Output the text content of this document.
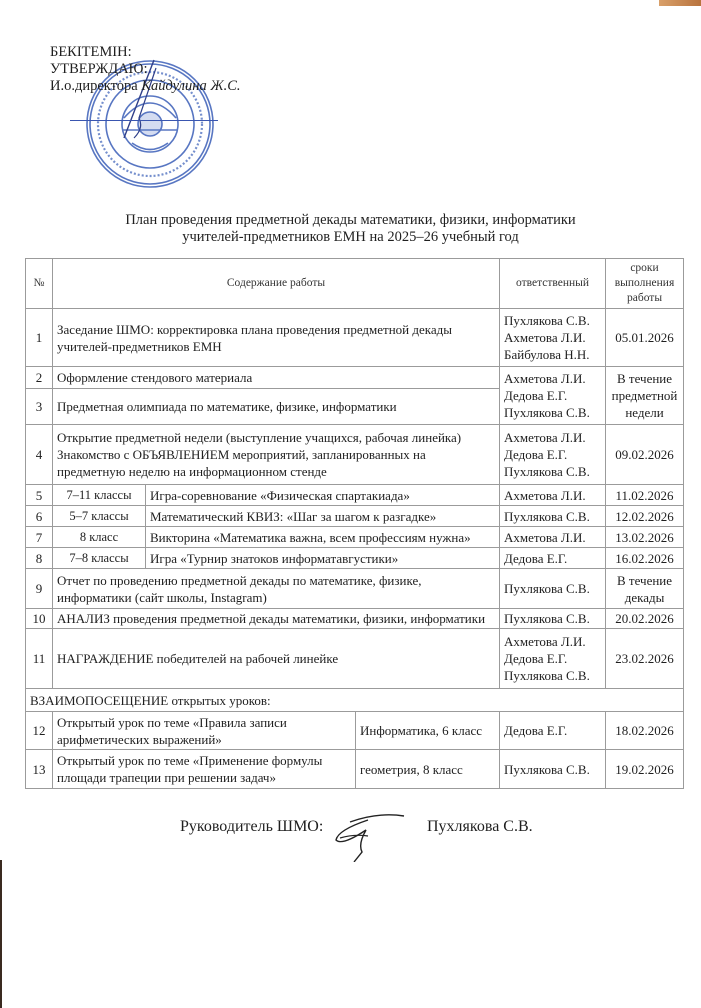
БЕКІТЕМІН:
УТВЕРЖДАЮ:
И.о.директора Кайдулина Ж.С.
План проведения предметной декады математики, физики, информатики
учителей-предметников ЕМН на 2025–26 учебный год
№	Содержание работы			ответственный	сроки выполнения работы
1	Заседание ШМО: корректировка плана проведения предметной декады учителей-предметников ЕМН			Пухлякова С.В.
Ахметова Л.И.
Байбулова Н.Н.	05.01.2026
2	Оформление стендового материала			Ахметова Л.И.
Дедова Е.Г.
Пухлякова С.В.	В течение предметной недели
3	Предметная олимпиада по математике, физике, информатики				
4	Открытие предметной недели (выступление учащихся, рабочая линейка) Знакомство с ОБЪЯВЛЕНИЕМ мероприятий, запланированных на предметную неделю на информационном стенде			Ахметова Л.И.
Дедова Е.Г.
Пухлякова С.В.	09.02.2026
5	7–11 классы	Игра-соревнование «Физическая спартакиада»		Ахметова Л.И.	11.02.2026
6	5–7 классы	Математический КВИЗ: «Шаг за шагом к разгадке»		Пухлякова С.В.	12.02.2026
7	8 класс	Викторина «Математика важна, всем профессиям нужна»		Ахметова Л.И.	13.02.2026
8	7–8 классы	Игра «Турнир знатоков информатавгустики»		Дедова Е.Г.	16.02.2026
9	Отчет по проведению предметной декады по математике, физике, информатики (сайт школы, Instagram)			Пухлякова С.В.	В течение декады
10	АНАЛИЗ проведения предметной декады математики, физики, информатики			Пухлякова С.В.	20.02.2026
11	НАГРАЖДЕНИЕ победителей на рабочей линейке			Ахметова Л.И.
Дедова Е.Г.
Пухлякова С.В.	23.02.2026
ВЗАИМОПОСЕЩЕНИЕ открытых уроков:					
12	Открытый урок по теме «Правила записи арифметических выражений»		Информатика, 6 класс	Дедова Е.Г.	18.02.2026
13	Открытый урок по теме «Применение формулы площади трапеции при решении задач»		геометрия, 8 класс	Пухлякова С.В.	19.02.2026
Руководитель ШМО:	Пухлякова С.В.
